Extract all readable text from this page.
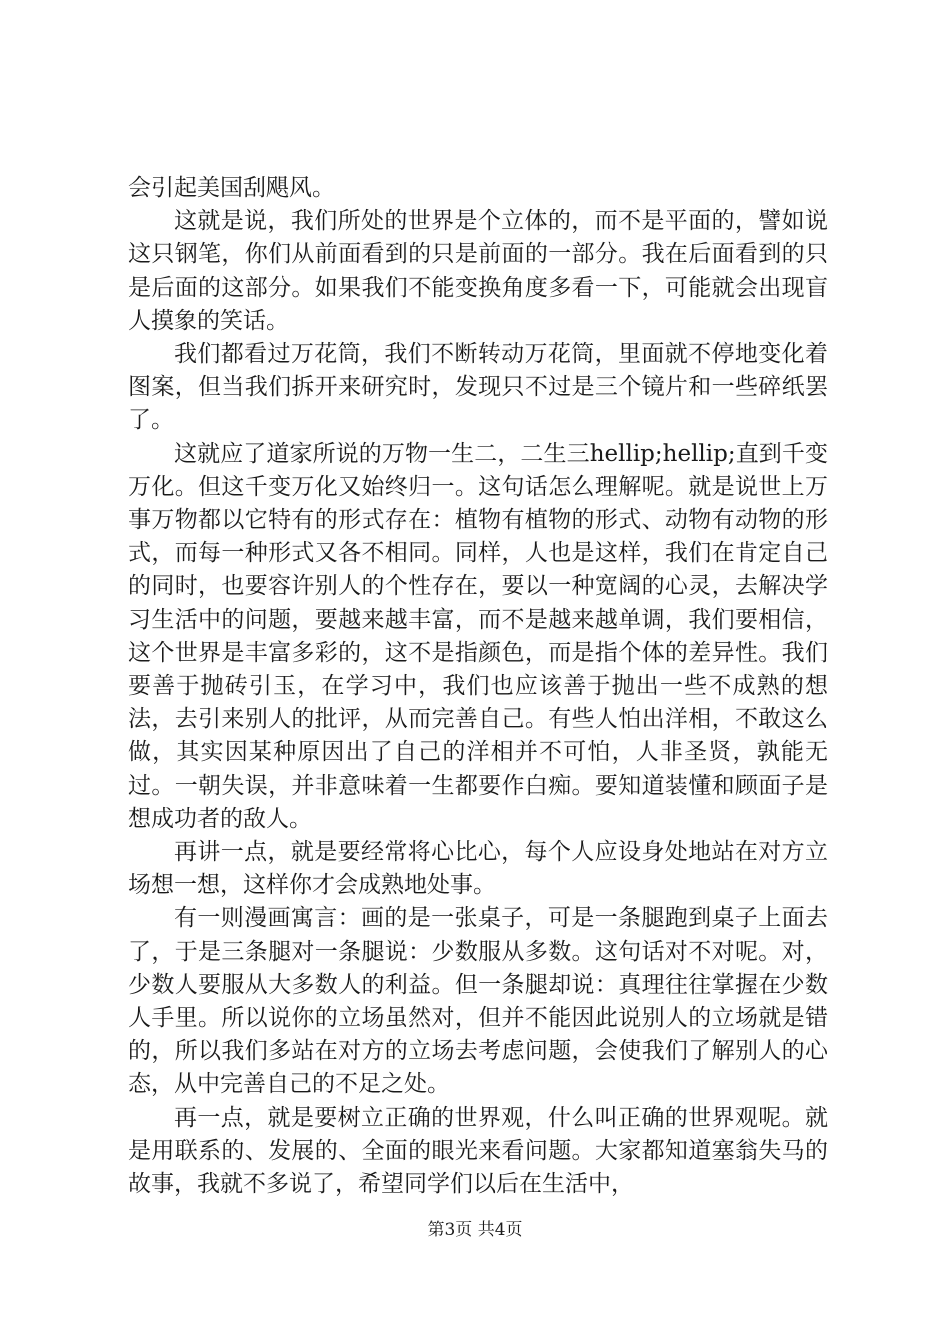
会引起美国刮飓风。

这就是说，我们所处的世界是个立体的，而不是平面的，譬如说这只钢笔，你们从前面看到的只是前面的一部分。我在后面看到的只是后面的这部分。如果我们不能变换角度多看一下，可能就会出现盲人摸象的笑话。

我们都看过万花筒，我们不断转动万花筒，里面就不停地变化着图案，但当我们拆开来研究时，发现只不过是三个镜片和一些碎纸罢了。

这就应了道家所说的万物一生二，二生三hellip;hellip;直到千变万化。但这千变万化又始终归一。这句话怎么理解呢。就是说世上万事万物都以它特有的形式存在：植物有植物的形式、动物有动物的形式，而每一种形式又各不相同。同样，人也是这样，我们在肯定自己的同时，也要容许别人的个性存在，要以一种宽阔的心灵，去解决学习生活中的问题，要越来越丰富，而不是越来越单调，我们要相信，这个世界是丰富多彩的，这不是指颜色，而是指个体的差异性。我们要善于抛砖引玉，在学习中，我们也应该善于抛出一些不成熟的想法，去引来别人的批评，从而完善自己。有些人怕出洋相，不敢这么做，其实因某种原因出了自己的洋相并不可怕，人非圣贤，孰能无过。一朝失误，并非意味着一生都要作白痴。要知道装懂和顾面子是想成功者的敌人。

再讲一点，就是要经常将心比心，每个人应设身处地站在对方立场想一想，这样你才会成熟地处事。

有一则漫画寓言：画的是一张桌子，可是一条腿跑到桌子上面去了，于是三条腿对一条腿说：少数服从多数。这句话对不对呢。对，少数人要服从大多数人的利益。但一条腿却说：真理往往掌握在少数人手里。所以说你的立场虽然对，但并不能因此说别人的立场就是错的，所以我们多站在对方的立场去考虑问题，会使我们了解别人的心态，从中完善自己的不足之处。

再一点，就是要树立正确的世界观，什么叫正确的世界观呢。就是用联系的、发展的、全面的眼光来看问题。大家都知道塞翁失马的故事，我就不多说了，希望同学们以后在生活中，

第3页 共4页
